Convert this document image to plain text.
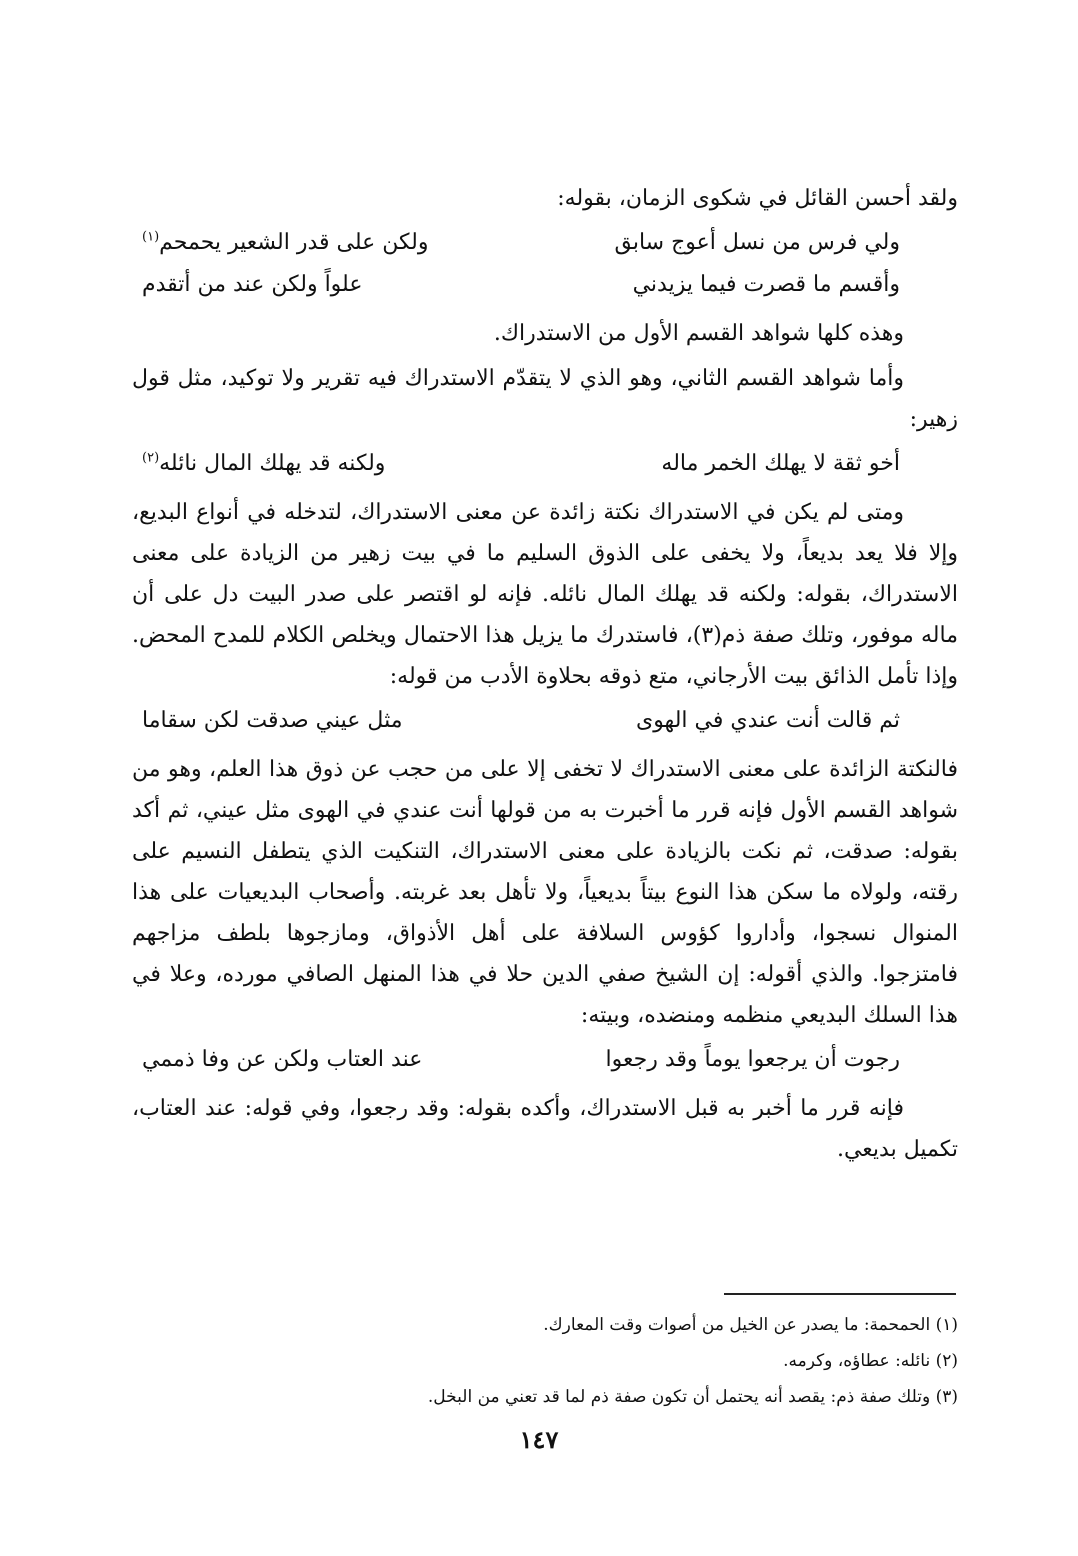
ولقد أحسن القائل في شكوى الزمان، بقوله:

ولي فرس من نسل أعوج سابق
ولكن على قدر الشعير يحمحم$^{(١)}$
وأقسم ما قصرت فيما يزيدني
علواً ولكن عند من أتقدم

وهذه كلها شواهد القسم الأول من الاستدراك.

وأما شواهد القسم الثاني، وهو الذي لا يتقدّم الاستدراك فيه تقرير ولا توكيد، مثل قول زهير:

أخو ثقة لا يهلك الخمر ماله
ولكنه قد يهلك المال نائله$^{(٢)}$

ومتى لم يكن في الاستدراك نكتة زائدة عن معنى الاستدراك، لتدخله في أنواع البديع، وإلا فلا يعد بديعاً، ولا يخفى على الذوق السليم ما في بيت زهير من الزيادة على معنى الاستدراك، بقوله: ولكنه قد يهلك المال نائله. فإنه لو اقتصر على صدر البيت دل على أن ماله موفور، وتلك صفة ذم(٣)، فاستدرك ما يزيل هذا الاحتمال ويخلص الكلام للمدح المحض. وإذا تأمل الذائق بيت الأرجاني، متع ذوقه بحلاوة الأدب من قوله:

ثم قالت أنت عندي في الهوى
مثل عيني صدقت لكن سقاما

فالنكتة الزائدة على معنى الاستدراك لا تخفى إلا على من حجب عن ذوق هذا العلم، وهو من شواهد القسم الأول فإنه قرر ما أخبرت به من قولها أنت عندي في الهوى مثل عيني، ثم أكد بقوله: صدقت، ثم نكت بالزيادة على معنى الاستدراك، التنكيت الذي يتطفل النسيم على رقته، ولولاه ما سكن هذا النوع بيتاً بديعياً، ولا تأهل بعد غربته. وأصحاب البديعيات على هذا المنوال نسجوا، وأداروا كؤوس السلافة على أهل الأذواق، ومازجوها بلطف مزاجهم فامتزجوا. والذي أقوله: إن الشيخ صفي الدين حلا في هذا المنهل الصافي مورده، وعلا في هذا السلك البديعي منظمه ومنضده، وبيته:

رجوت أن يرجعوا يوماً وقد رجعوا
عند العتاب ولكن عن وفا ذممي

فإنه قرر ما أخبر به قبل الاستدراك، وأكده بقوله: وقد رجعوا، وفي قوله: عند العتاب، تكميل بديعي.

(١) الحمحمة: ما يصدر عن الخيل من أصوات وقت المعارك.
(٢) نائله: عطاؤه، وكرمه.
(٣) وتلك صفة ذم: يقصد أنه يحتمل أن تكون صفة ذم لما قد تعني من البخل.
١٤٧
